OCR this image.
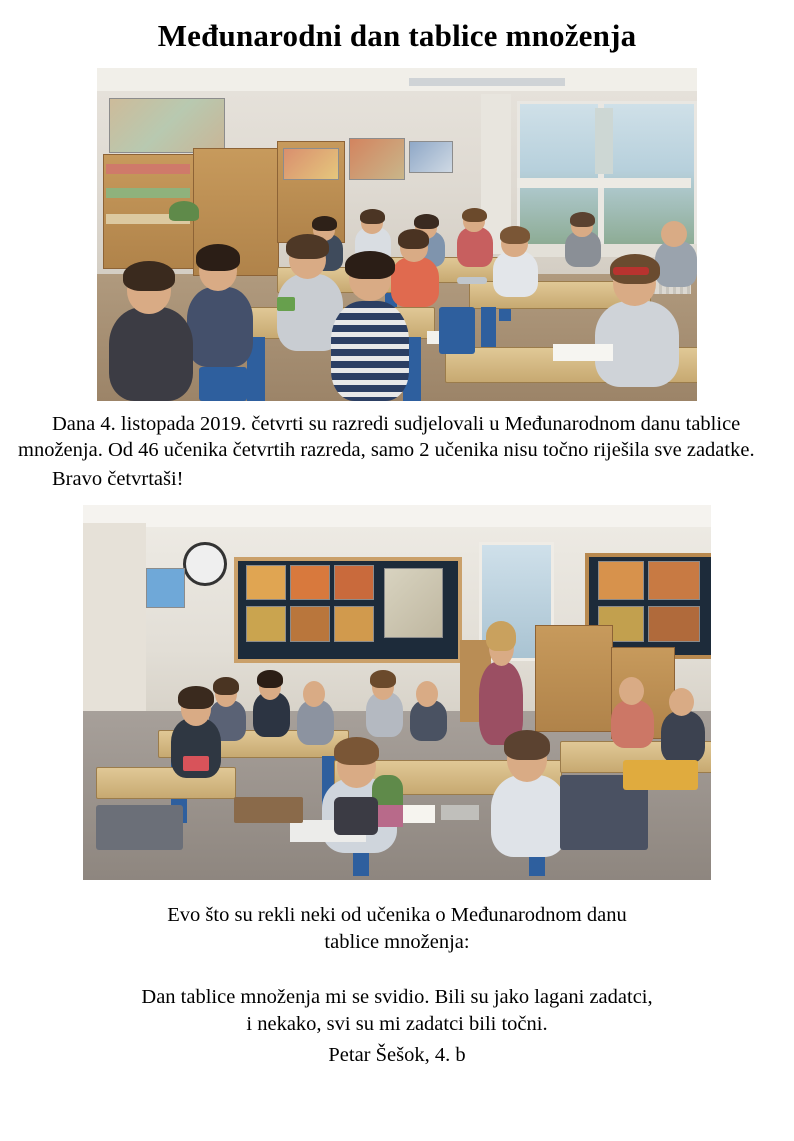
Međunarodni dan tablice množenja

Dana 4. listopada 2019. četvrti su razredi sudjelovali u Međunarodnom danu tablice množenja. Od 46 učenika četvrtih razreda, samo 2 učenika nisu točno riješila sve zadatke.

Bravo četvrtaši!

Evo što su rekli neki od učenika o Međunarodnom danu
tablice množenja:
Dan tablice množenja mi se svidio. Bili su jako lagani zadatci,
i nekako, svi su mi zadatci bili točni.
Petar Šešok, 4. b
